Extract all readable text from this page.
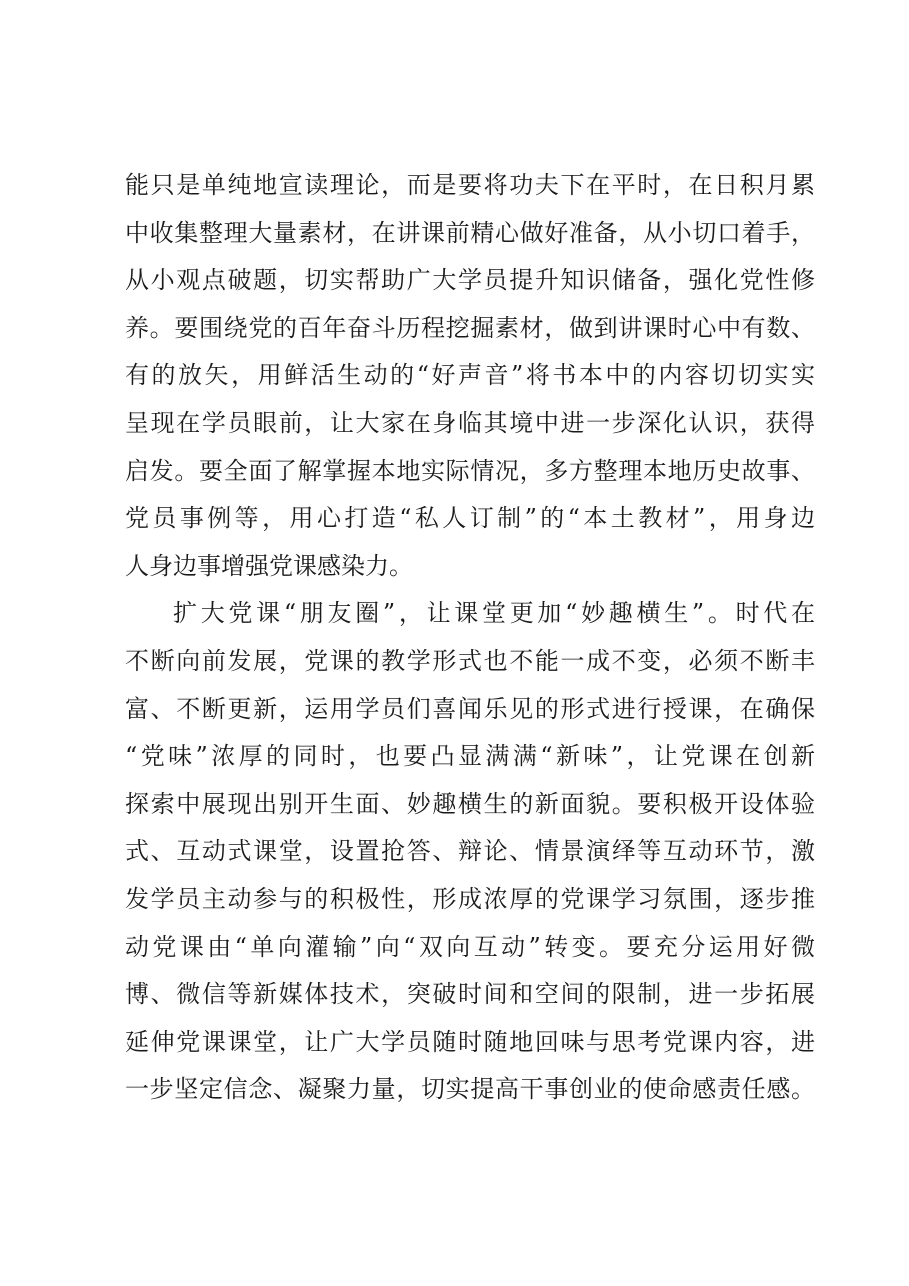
能只是单纯地宣读理论，而是要将功夫下在平时，在日积月累
中收集整理大量素材，在讲课前精心做好准备，从小切口着手，
从小观点破题，切实帮助广大学员提升知识储备，强化党性修
养。要围绕党的百年奋斗历程挖掘素材，做到讲课时心中有数、
有的放矢，用鲜活生动的“好声音”将书本中的内容切切实实
呈现在学员眼前，让大家在身临其境中进一步深化认识，获得
启发。要全面了解掌握本地实际情况，多方整理本地历史故事、
党员事例等，用心打造“私人订制”的“本土教材”，用身边
人身边事增强党课感染力。
扩大党课“朋友圈”，让课堂更加“妙趣横生”。时代在
不断向前发展，党课的教学形式也不能一成不变，必须不断丰
富、不断更新，运用学员们喜闻乐见的形式进行授课，在确保
“党味”浓厚的同时，也要凸显满满“新味”，让党课在创新
探索中展现出别开生面、妙趣横生的新面貌。要积极开设体验
式、互动式课堂，设置抢答、辩论、情景演绎等互动环节，激
发学员主动参与的积极性，形成浓厚的党课学习氛围，逐步推
动党课由“单向灌输”向“双向互动”转变。要充分运用好微
博、微信等新媒体技术，突破时间和空间的限制，进一步拓展
延伸党课课堂，让广大学员随时随地回味与思考党课内容，进
一步坚定信念、凝聚力量，切实提高干事创业的使命感责任感。
